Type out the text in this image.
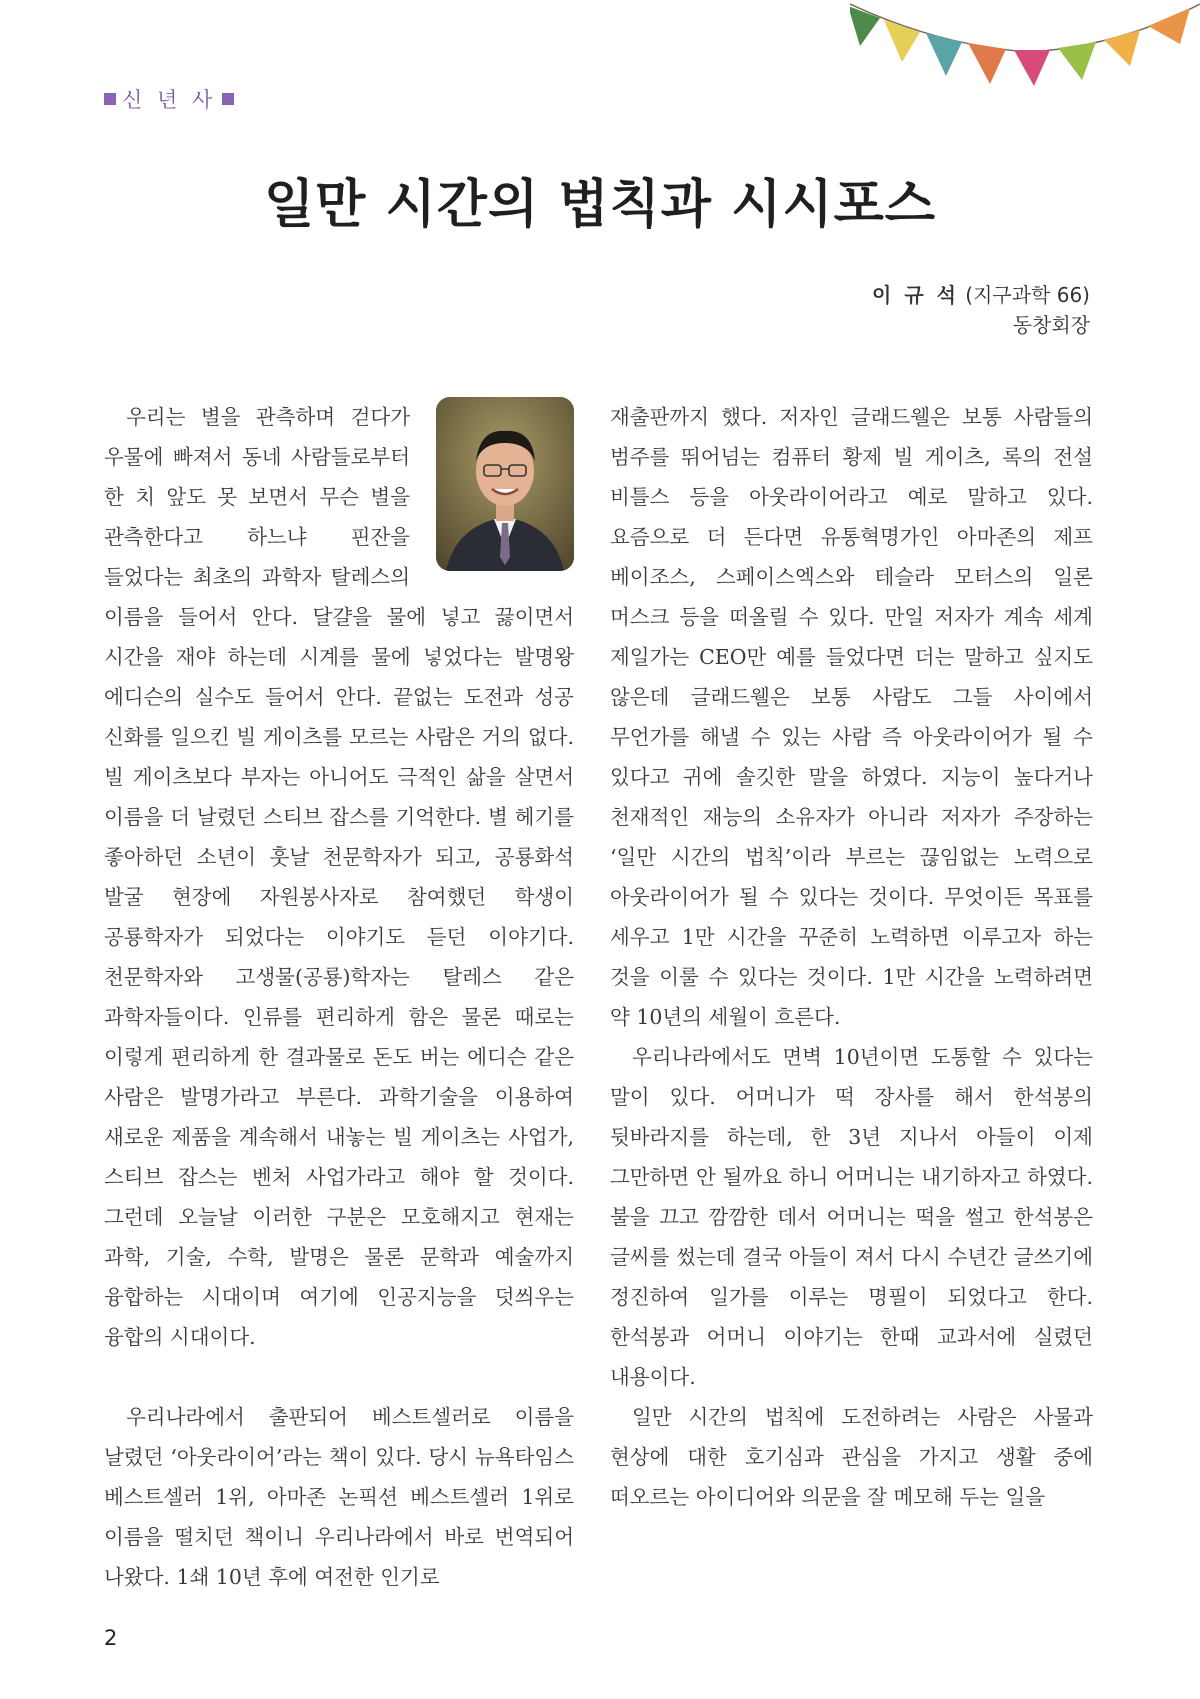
신 년 사
일만 시간의 법칙과 시시포스
이 규 석 (지구과학 66)
동창회장

우리는 별을 관측하며 걷다가 우물에 빠져서 동네 사람들로부터 한 치 앞도 못 보면서 무슨 별을 관측한다고 하느냐 핀잔을 들었다는 최초의 과학자 탈레스의 이름을 들어서 안다. 달걀을 물에 넣고 끓이면서 시간을 재야 하는데 시계를 물에 넣었다는 발명왕 에디슨의 실수도 들어서 안다. 끝없는 도전과 성공 신화를 일으킨 빌 게이츠를 모르는 사람은 거의 없다. 빌 게이츠보다 부자는 아니어도 극적인 삶을 살면서 이름을 더 날렸던 스티브 잡스를 기억한다. 별 헤기를 좋아하던 소년이 훗날 천문학자가 되고, 공룡화석 발굴 현장에 자원봉사자로 참여했던 학생이 공룡학자가 되었다는 이야기도 듣던 이야기다. 천문학자와 고생물(공룡)학자는 탈레스 같은 과학자들이다. 인류를 편리하게 함은 물론 때로는 이렇게 편리하게 한 결과물로 돈도 버는 에디슨 같은 사람은 발명가라고 부른다. 과학기술을 이용하여 새로운 제품을 계속해서 내놓는 빌 게이츠는 사업가, 스티브 잡스는 벤처 사업가라고 해야 할 것이다. 그런데 오늘날 이러한 구분은 모호해지고 현재는 과학, 기술, 수학, 발명은 물론 문학과 예술까지 융합하는 시대이며 여기에 인공지능을 덧씌우는 융합의 시대이다.

우리나라에서 출판되어 베스트셀러로 이름을 날렸던 ‘아웃라이어’라는 책이 있다. 당시 뉴욕타임스 베스트셀러 1위, 아마존 논픽션 베스트셀러 1위로 이름을 떨치던 책이니 우리나라에서 바로 번역되어 나왔다. 1쇄 10년 후에 여전한 인기로

재출판까지 했다. 저자인 글래드웰은 보통 사람들의 범주를 뛰어넘는 컴퓨터 황제 빌 게이츠, 록의 전설 비틀스 등을 아웃라이어라고 예로 말하고 있다. 요즘으로 더 든다면 유통혁명가인 아마존의 제프 베이조스, 스페이스엑스와 테슬라 모터스의 일론 머스크 등을 떠올릴 수 있다. 만일 저자가 계속 세계 제일가는 CEO만 예를 들었다면 더는 말하고 싶지도 않은데 글래드웰은 보통 사람도 그들 사이에서 무언가를 해낼 수 있는 사람 즉 아웃라이어가 될 수 있다고 귀에 솔깃한 말을 하였다. 지능이 높다거나 천재적인 재능의 소유자가 아니라 저자가 주장하는 ‘일만 시간의 법칙’이라 부르는 끊임없는 노력으로 아웃라이어가 될 수 있다는 것이다. 무엇이든 목표를 세우고 1만 시간을 꾸준히 노력하면 이루고자 하는 것을 이룰 수 있다는 것이다. 1만 시간을 노력하려면 약 10년의 세월이 흐른다.

우리나라에서도 면벽 10년이면 도통할 수 있다는 말이 있다. 어머니가 떡 장사를 해서 한석봉의 뒷바라지를 하는데, 한 3년 지나서 아들이 이제 그만하면 안 될까요 하니 어머니는 내기하자고 하였다. 불을 끄고 깜깜한 데서 어머니는 떡을 썰고 한석봉은 글씨를 썼는데 결국 아들이 져서 다시 수년간 글쓰기에 정진하여 일가를 이루는 명필이 되었다고 한다. 한석봉과 어머니 이야기는 한때 교과서에 실렸던 내용이다.

일만 시간의 법칙에 도전하려는 사람은 사물과 현상에 대한 호기심과 관심을 가지고 생활 중에 떠오르는 아이디어와 의문을 잘 메모해 두는 일을

2
